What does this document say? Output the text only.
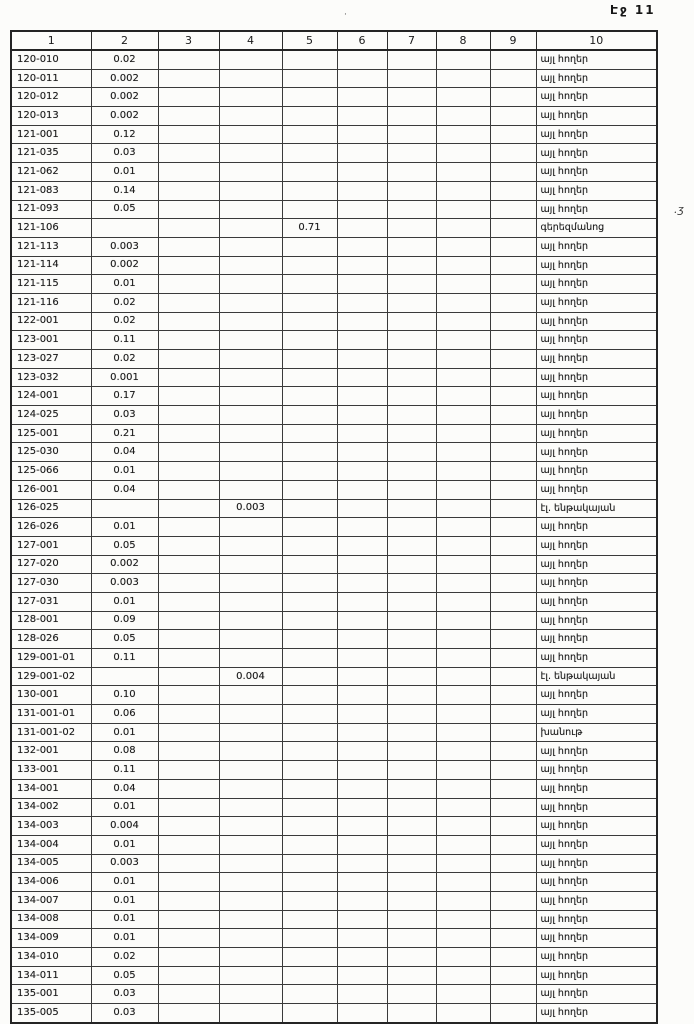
Էջ 11
·
1	2	3	4	5	6	7	8	9	10
120-010	0.02								այլ հողեր
120-011	0.002								այլ հողեր
120-012	0.002								այլ հողեր
120-013	0.002								այլ հողեր
121-001	0.12								այլ հողեր
121-035	0.03								այլ հողեր
121-062	0.01								այլ հողեր
121-083	0.14								այլ հողեր
121-093	0.05								այլ հողեր
121-106				0.71					գերեզմանոց
121-113	0.003								այլ հողեր
121-114	0.002								այլ հողեր
121-115	0.01								այլ հողեր
121-116	0.02								այլ հողեր
122-001	0.02								այլ հողեր
123-001	0.11								այլ հողեր
123-027	0.02								այլ հողեր
123-032	0.001								այլ հողեր
124-001	0.17								այլ հողեր
124-025	0.03								այլ հողեր
125-001	0.21								այլ հողեր
125-030	0.04								այլ հողեր
125-066	0.01								այլ հողեր
126-001	0.04								այլ հողեր
126-025			0.003						էլ. ենթակայան
126-026	0.01								այլ հողեր
127-001	0.05								այլ հողեր
127-020	0.002								այլ հողեր
127-030	0.003								այլ հողեր
127-031	0.01								այլ հողեր
128-001	0.09								այլ հողեր
128-026	0.05								այլ հողեր
129-001-01	0.11								այլ հողեր
129-001-02			0.004						էլ. ենթակայան
130-001	0.10								այլ հողեր
131-001-01	0.06								այլ հողեր
131-001-02	0.01								խանութ
132-001	0.08								այլ հողեր
133-001	0.11								այլ հողեր
134-001	0.04								այլ հողեր
134-002	0.01								այլ հողեր
134-003	0.004								այլ հողեր
134-004	0.01								այլ հողեր
134-005	0.003								այլ հողեր
134-006	0.01								այլ հողեր
134-007	0.01								այլ հողեր
134-008	0.01								այլ հողեր
134-009	0.01								այլ հողեր
134-010	0.02								այլ հողեր
134-011	0.05								այլ հողեր
135-001	0.03								այլ հողեր
135-005	0.03								այլ հողեր
.ʒ
